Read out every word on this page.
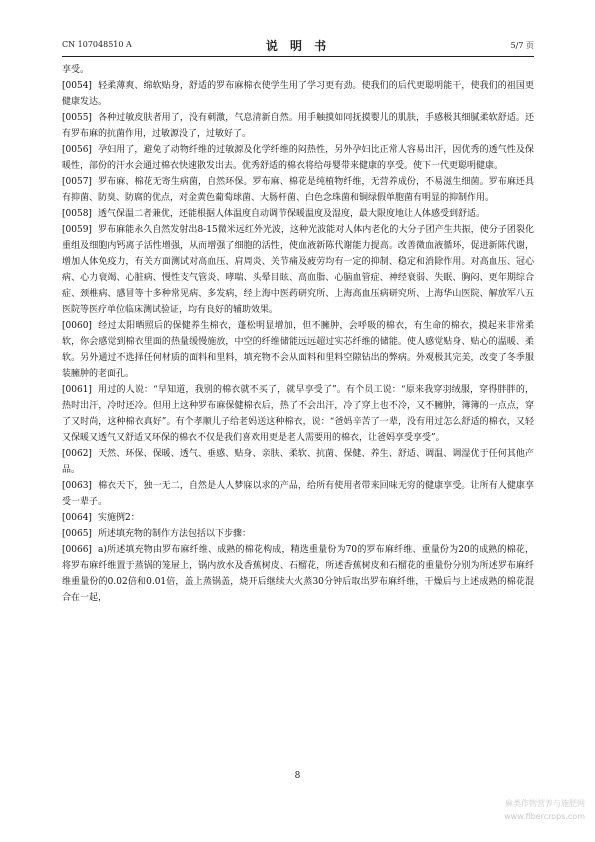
CN 107048510 A	说 明 书	5/7 页

享受。

[0054] 轻柔薄爽、绵软贴身，舒适的罗布麻棉衣使学生用了学习更有劲。使我们的后代更聪明能干，使我们的祖国更健康发达。

[0055] 各种过敏皮肤者用了，没有刺激，气息清新自然。用手触摸如同抚摸婴儿的肌肤，手感极其细腻柔软舒适。还有罗布麻的抗菌作用，过敏源没了，过敏好了。

[0056] 孕妇用了，避免了动物纤维的过敏源及化学纤维的闷热性，另外孕妇比正常人容易出汗，因优秀的透气性及保暖性，部份的汗水会通过棉衣快速散发出去。优秀舒适的棉衣将给母婴带来健康的享受。使下一代更聪明健康。

[0057] 罗布麻、棉花无寄生病菌，自然环保。罗布麻、棉花是纯植物纤维，无营养成份，不易滋生细菌。罗布麻还具有抑菌、防臭、防腐的优点，对金黄色葡萄球菌、大肠杆菌、白色念珠菌和铜绿假单胞菌有明显的抑制作用。

[0058] 透气保温二者兼优，还能根据人体温度自动调节保暖温度及湿度，最大限度地让人体感受到舒适。

[0059] 罗布麻能永久自然发射出8-15微米远红外光波，这种光波能对人体内老化的大分子团产生共振，使分子团裂化重组及细胞内钙离子活性增强，从而增强了细胞的活性，使血液新陈代谢能力提高。改善微血液循环，促进新陈代谢，增加人体免疫力，有关方面测试对高血压、肩周炎、关节痛及疲劳均有一定的抑制、稳定和消除作用。对高血压、冠心病、心力衰竭、心脏病、慢性支气管炎、哮喘、头晕目眩、高血脂、心脑血管症、神经衰弱、失眠、胸闷、更年期综合症、颈椎病、感冒等十多种常见病、多发病，经上海中医药研究所、上海高血压病研究所、上海华山医院、解放军八五医院等医疗单位临床测试验证，均有良好的辅助效果。

[0060] 经过太阳晒照后的保健养生棉衣，蓬松明显增加，但不臃肿，会呼吸的棉衣，有生命的棉衣，摸起来非常柔软，你会感觉到棉衣里面的热量缓慢施放，中空的纤维储能远远超过实芯纤维的储能。使人感觉贴身、贴心的温暖、柔软。另外通过不选择任何材质的面料和里料，填充物不会从面料和里料空隙钻出的弊病。外观极其完美，改变了冬季服装臃肿的老面孔。

[0061] 用过的人说：“早知道，我别的棉衣就不买了，就早享受了”。有个员工说：“原来我穿羽绒服，穿得胖胖的，热时出汗，冷时还冷。但用上这种罗布麻保健棉衣后，热了不会出汗，冷了穿上也不冷，又不臃肿，簿簿的一点点，穿了又时尚，这种棉衣真好”。有个孝顺儿子给老妈送这种棉衣，说：“爸妈辛苦了一辈，没有用过怎么舒适的棉衣，又轻又保暖又透气又舒适又环保的棉衣不仅是我们喜欢用更是老人需要用的棉衣，让爸妈享受享受”。

[0062] 天然、环保、保暖、透气、垂感、贴身、亲肤、柔软、抗菌、保健、养生、舒适、调温、调湿优于任何其他产品。

[0063] 棉衣天下，独一无二，自然是人人梦寐以求的产品，给所有使用者带来回味无穷的健康享受。让所有人健康享受一辈子。

[0064] 实施例2：

[0065] 所述填充物的制作方法包括以下步骤：

[0066] a)所述填充物由罗布麻纤维、成熟的棉花构成，精选重量份为70的罗布麻纤维、重量份为20的成熟的棉花，将罗布麻纤维置于蒸锅的笼屉上，锅内放水及香蕉树皮、石榴花，所述香蕉树皮和石榴花的重量份分别为所述罗布麻纤维重量份的0.02倍和0.01倍，盖上蒸锅盖，烧开后继续大火蒸30分钟后取出罗布麻纤维，干燥后与上述成熟的棉花混合在一起，

8
麻类作物营养与施肥网
www.fibercrops.com
